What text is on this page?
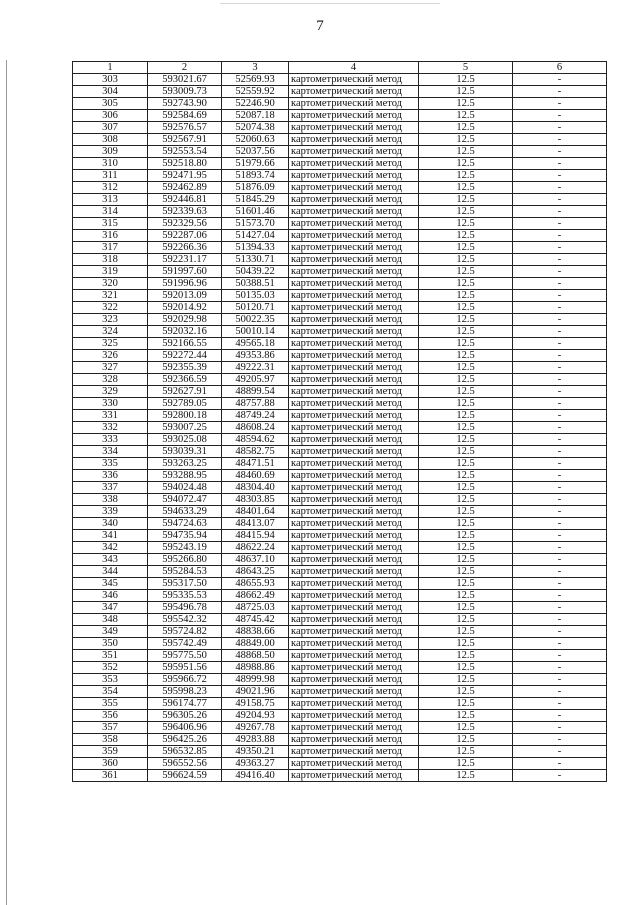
7
1	2	3	4	5	6
303	593021.67	52569.93	картометрический метод	12.5	-
304	593009.73	52559.92	картометрический метод	12.5	-
305	592743.90	52246.90	картометрический метод	12.5	-
306	592584.69	52087.18	картометрический метод	12.5	-
307	592576.57	52074.38	картометрический метод	12.5	-
308	592567.91	52060.63	картометрический метод	12.5	-
309	592553.54	52037.56	картометрический метод	12.5	-
310	592518.80	51979.66	картометрический метод	12.5	-
311	592471.95	51893.74	картометрический метод	12.5	-
312	592462.89	51876.09	картометрический метод	12.5	-
313	592446.81	51845.29	картометрический метод	12.5	-
314	592339.63	51601.46	картометрический метод	12.5	-
315	592329.56	51573.70	картометрический метод	12.5	-
316	592287.06	51427.04	картометрический метод	12.5	-
317	592266.36	51394.33	картометрический метод	12.5	-
318	592231.17	51330.71	картометрический метод	12.5	-
319	591997.60	50439.22	картометрический метод	12.5	-
320	591996.96	50388.51	картометрический метод	12.5	-
321	592013.09	50135.03	картометрический метод	12.5	-
322	592014.92	50120.71	картометрический метод	12.5	-
323	592029.98	50022.35	картометрический метод	12.5	-
324	592032.16	50010.14	картометрический метод	12.5	-
325	592166.55	49565.18	картометрический метод	12.5	-
326	592272.44	49353.86	картометрический метод	12.5	-
327	592355.39	49222.31	картометрический метод	12.5	-
328	592366.59	49205.97	картометрический метод	12.5	-
329	592627.91	48899.54	картометрический метод	12.5	-
330	592789.05	48757.88	картометрический метод	12.5	-
331	592800.18	48749.24	картометрический метод	12.5	-
332	593007.25	48608.24	картометрический метод	12.5	-
333	593025.08	48594.62	картометрический метод	12.5	-
334	593039.31	48582.75	картометрический метод	12.5	-
335	593263.25	48471.51	картометрический метод	12.5	-
336	593288.95	48460.69	картометрический метод	12.5	-
337	594024.48	48304.40	картометрический метод	12.5	-
338	594072.47	48303.85	картометрический метод	12.5	-
339	594633.29	48401.64	картометрический метод	12.5	-
340	594724.63	48413.07	картометрический метод	12.5	-
341	594735.94	48415.94	картометрический метод	12.5	-
342	595243.19	48622.24	картометрический метод	12.5	-
343	595266.80	48637.10	картометрический метод	12.5	-
344	595284.53	48643.25	картометрический метод	12.5	-
345	595317.50	48655.93	картометрический метод	12.5	-
346	595335.53	48662.49	картометрический метод	12.5	-
347	595496.78	48725.03	картометрический метод	12.5	-
348	595542.32	48745.42	картометрический метод	12.5	-
349	595724.82	48838.66	картометрический метод	12.5	-
350	595742.49	48849.00	картометрический метод	12.5	-
351	595775.50	48868.50	картометрический метод	12.5	-
352	595951.56	48988.86	картометрический метод	12.5	-
353	595966.72	48999.98	картометрический метод	12.5	-
354	595998.23	49021.96	картометрический метод	12.5	-
355	596174.77	49158.75	картометрический метод	12.5	-
356	596305.26	49204.93	картометрический метод	12.5	-
357	596406.96	49267.78	картометрический метод	12.5	-
358	596425.26	49283.88	картометрический метод	12.5	-
359	596532.85	49350.21	картометрический метод	12.5	-
360	596552.56	49363.27	картометрический метод	12.5	-
361	596624.59	49416.40	картометрический метод	12.5	-
